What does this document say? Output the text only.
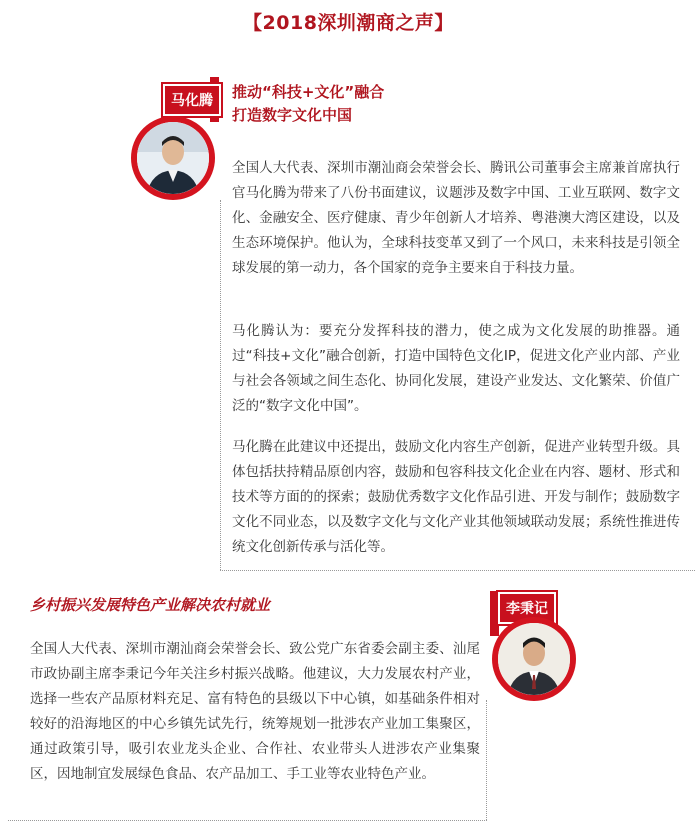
【2018深圳潮商之声】
马化腾	推动“科技+文化”融合
打造数字文化中国

全国人大代表、深圳市潮汕商会荣誉会长、腾讯公司董事会主席兼首席执行官马化腾为带来了八份书面建议，议题涉及数字中国、工业互联网、数字文化、金融安全、医疗健康、青少年创新人才培养、粤港澳大湾区建设，以及生态环境保护。他认为，全球科技变革又到了一个风口，未来科技是引领全球发展的第一动力，各个国家的竞争主要来自于科技力量。

马化腾认为：要充分发挥科技的潜力，使之成为文化发展的助推器。通过“科技+文化”融合创新，打造中国特色文化IP，促进文化产业内部、产业与社会各领域之间生态化、协同化发展，建设产业发达、文化繁荣、价值广泛的“数字文化中国”。

马化腾在此建议中还提出，鼓励文化内容生产创新，促进产业转型升级。具体包括扶持精品原创内容，鼓励和包容科技文化企业在内容、题材、形式和技术等方面的的探索；鼓励优秀数字文化作品引进、开发与制作；鼓励数字文化不同业态，以及数字文化与文化产业其他领域联动发展；系统性推进传统文化创新传承与活化等。

乡村振兴发展特色产业解决农村就业	李秉记

全国人大代表、深圳市潮汕商会荣誉会长、致公党广东省委会副主委、汕尾市政协副主席李秉记今年关注乡村振兴战略。他建议，大力发展农村产业，选择一些农产品原材料充足、富有特色的县级以下中心镇，如基础条件相对较好的沿海地区的中心乡镇先试先行，统筹规划一批涉农产业加工集聚区，通过政策引导，吸引农业龙头企业、合作社、农业带头人进涉农产业集聚区，因地制宜发展绿色食品、农产品加工、手工业等农业特色产业。
